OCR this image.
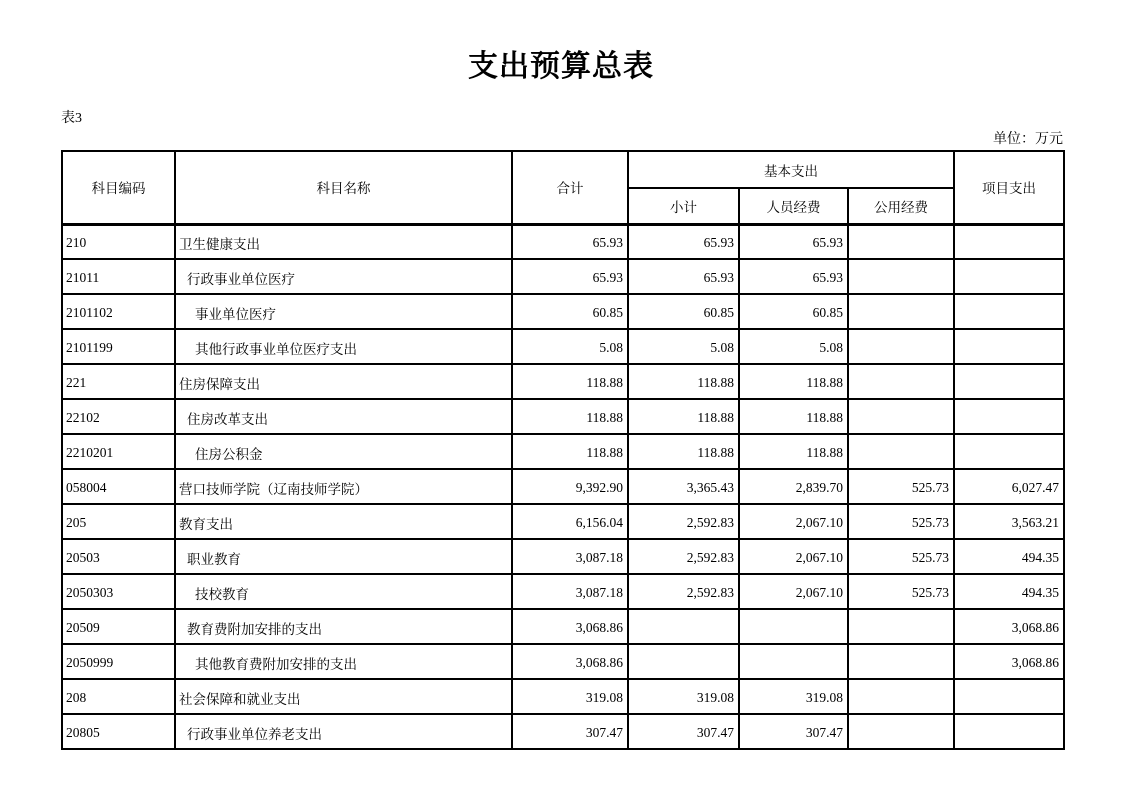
支出预算总表
表3
单位：万元
科目编码	科目名称	合计	基本支出			项目支出
			小计	人员经费	公用经费	
210	卫生健康支出	65.93	65.93	65.93		
21011	行政事业单位医疗	65.93	65.93	65.93		
2101102	事业单位医疗	60.85	60.85	60.85		
2101199	其他行政事业单位医疗支出	5.08	5.08	5.08		
221	住房保障支出	118.88	118.88	118.88		
22102	住房改革支出	118.88	118.88	118.88		
2210201	住房公积金	118.88	118.88	118.88		
058004	营口技师学院（辽南技师学院）	9,392.90	3,365.43	2,839.70	525.73	6,027.47
205	教育支出	6,156.04	2,592.83	2,067.10	525.73	3,563.21
20503	职业教育	3,087.18	2,592.83	2,067.10	525.73	494.35
2050303	技校教育	3,087.18	2,592.83	2,067.10	525.73	494.35
20509	教育费附加安排的支出	3,068.86				3,068.86
2050999	其他教育费附加安排的支出	3,068.86				3,068.86
208	社会保障和就业支出	319.08	319.08	319.08		
20805	行政事业单位养老支出	307.47	307.47	307.47		
